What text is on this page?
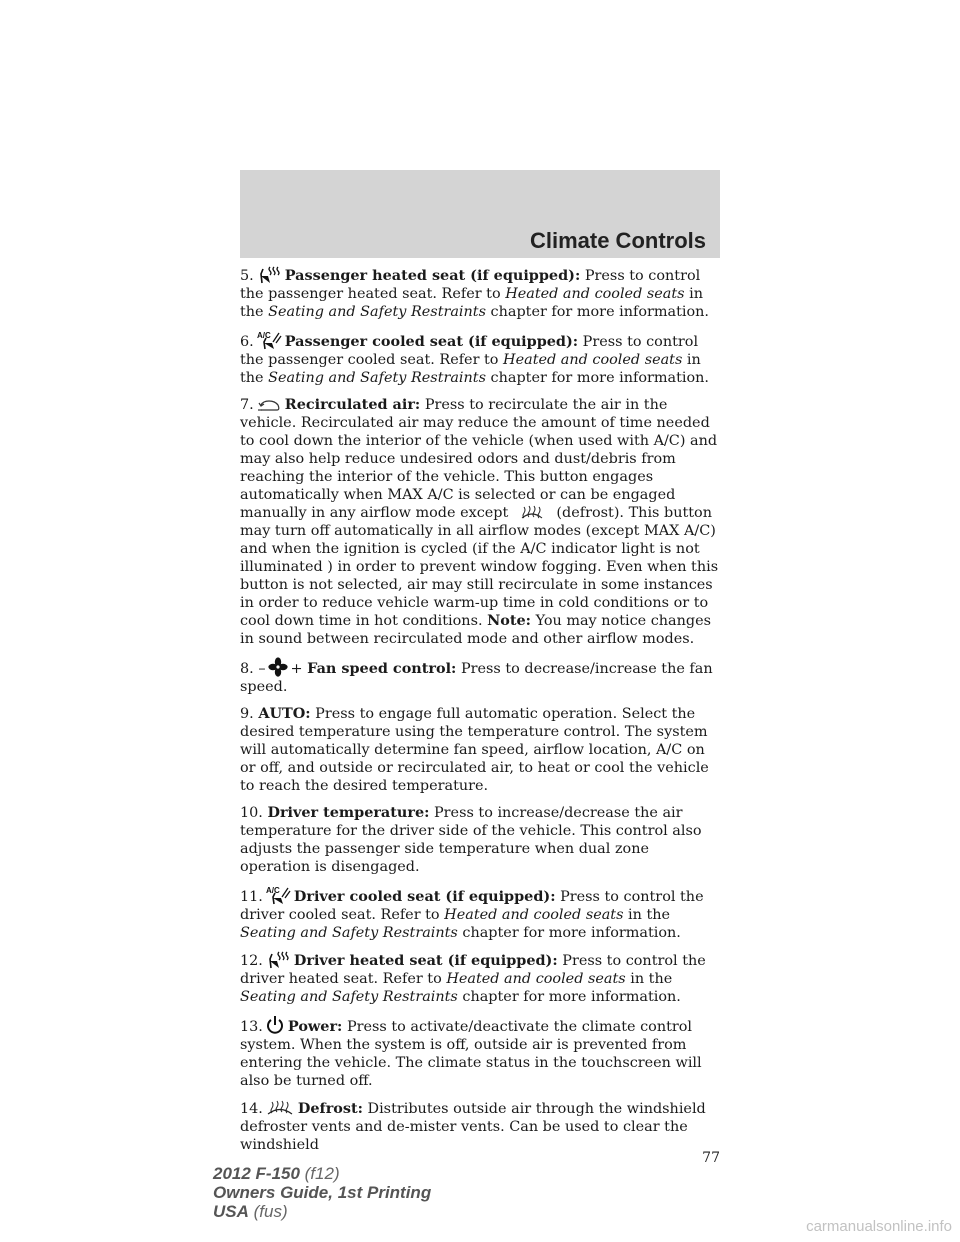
Climate Controls

5. Passenger heated seat (if equipped): Press to control the passenger heated seat. Refer to Heated and cooled seats in the Seating and Safety Restraints chapter for more information.

6. A/C Passenger cooled seat (if equipped): Press to control the passenger cooled seat. Refer to Heated and cooled seats in the Seating and Safety Restraints chapter for more information.

7. Recirculated air: Press to recirculate the air in the vehicle. Recirculated air may reduce the amount of time needed to cool down the interior of the vehicle (when used with A/C) and may also help reduce undesired odors and dust/debris from reaching the interior of the vehicle. This button engages automatically when MAX A/C is selected or can be engaged manually in any airflow mode except	(defrost). This button may turn off automatically in all airflow modes (except MAX A/C) and when the ignition is cycled (if the A/C indicator light is not illuminated ) in order to prevent window fogging. Even when this button is not selected, air may still recirculate in some instances in order to reduce vehicle warm-up time in cold conditions or to cool down time in hot conditions. Note: You may notice changes in sound between recirculated mode and other airflow modes.

8. – + Fan speed control: Press to decrease/increase the fan speed.

9. AUTO: Press to engage full automatic operation. Select the desired temperature using the temperature control. The system will automatically determine fan speed, airflow location, A/C on or off, and outside or recirculated air, to heat or cool the vehicle to reach the desired temperature.

10. Driver temperature: Press to increase/decrease the air temperature for the driver side of the vehicle. This control also adjusts the passenger side temperature when dual zone operation is disengaged.

11. A/C Driver cooled seat (if equipped): Press to control the driver cooled seat. Refer to Heated and cooled seats in the Seating and Safety Restraints chapter for more information.

12. Driver heated seat (if equipped): Press to control the driver heated seat. Refer to Heated and cooled seats in the Seating and Safety Restraints chapter for more information.

13. Power: Press to activate/deactivate the climate control system. When the system is off, outside air is prevented from entering the vehicle. The climate status in the touchscreen will also be turned off.

14. Defrost: Distributes outside air through the windshield defroster vents and de-mister vents. Can be used to clear the windshield

77
2012 F-150 (f12)
Owners Guide, 1st Printing
USA (fus)
carmanualsonline.info
